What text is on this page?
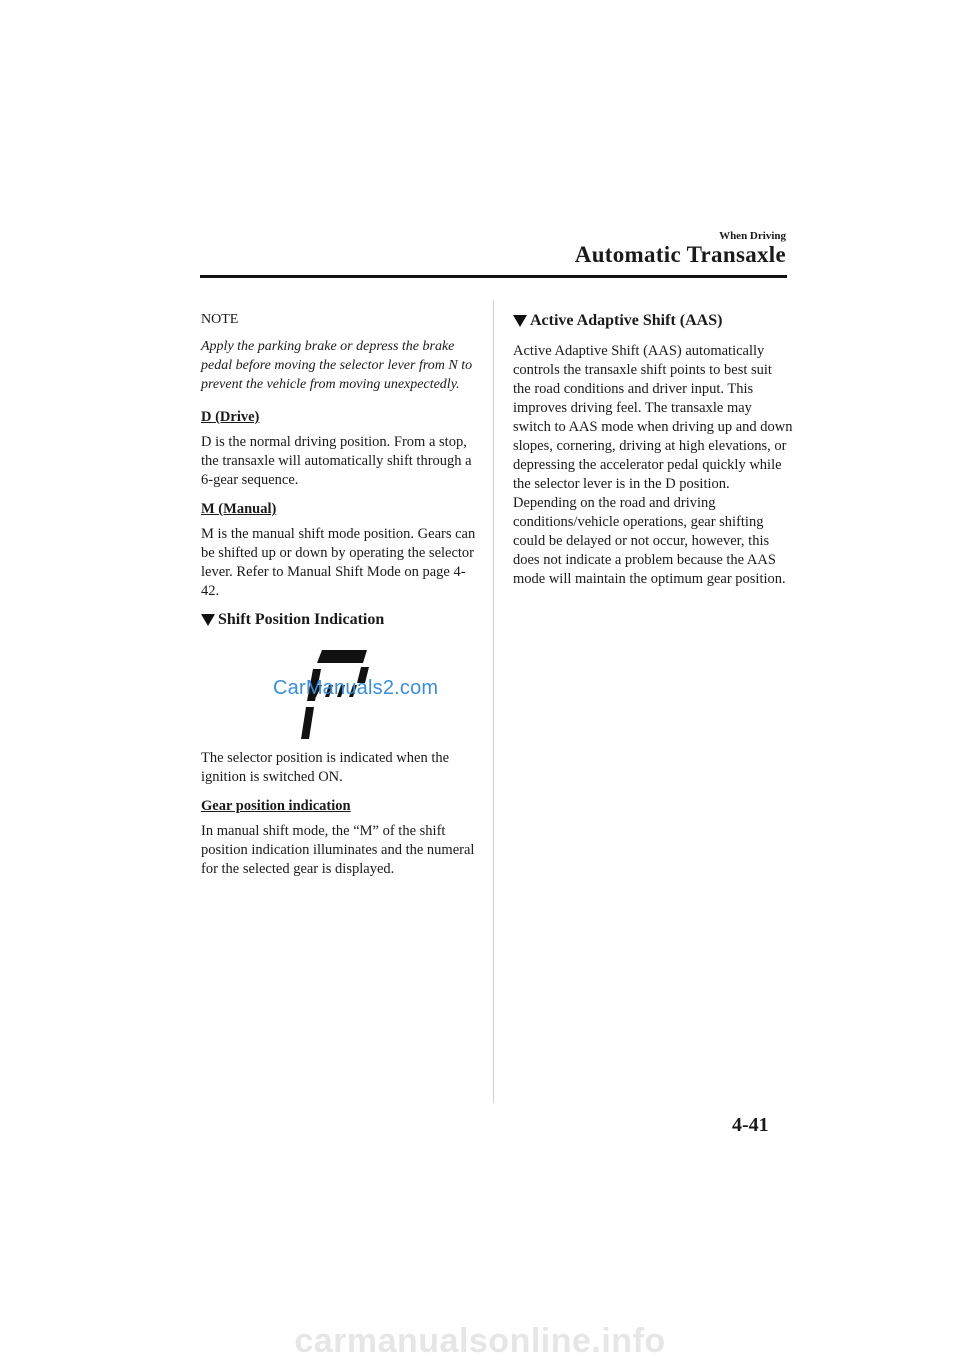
When Driving
Automatic Transaxle

NOTE

Apply the parking brake or depress the brake pedal before moving the selector lever from N to prevent the vehicle from moving unexpectedly.

D (Drive)

D is the normal driving position. From a stop, the transaxle will automatically shift through a 6-gear sequence.

M (Manual)

M is the manual shift mode position. Gears can be shifted up or down by operating the selector lever. Refer to Manual Shift Mode on page 4-42.

Shift Position Indication
CarManuals2.com

The selector position is indicated when the ignition is switched ON.

Gear position indication

In manual shift mode, the “M” of the shift position indication illuminates and the numeral for the selected gear is displayed.

Active Adaptive Shift (AAS)

Active Adaptive Shift (AAS) automatically controls the transaxle shift points to best suit the road conditions and driver input. This improves driving feel. The transaxle may switch to AAS mode when driving up and down slopes, cornering, driving at high elevations, or depressing the accelerator pedal quickly while the selector lever is in the D position. Depending on the road and driving conditions/vehicle operations, gear shifting could be delayed or not occur, however, this does not indicate a problem because the AAS mode will maintain the optimum gear position.

4-41
carmanualsonline.info
